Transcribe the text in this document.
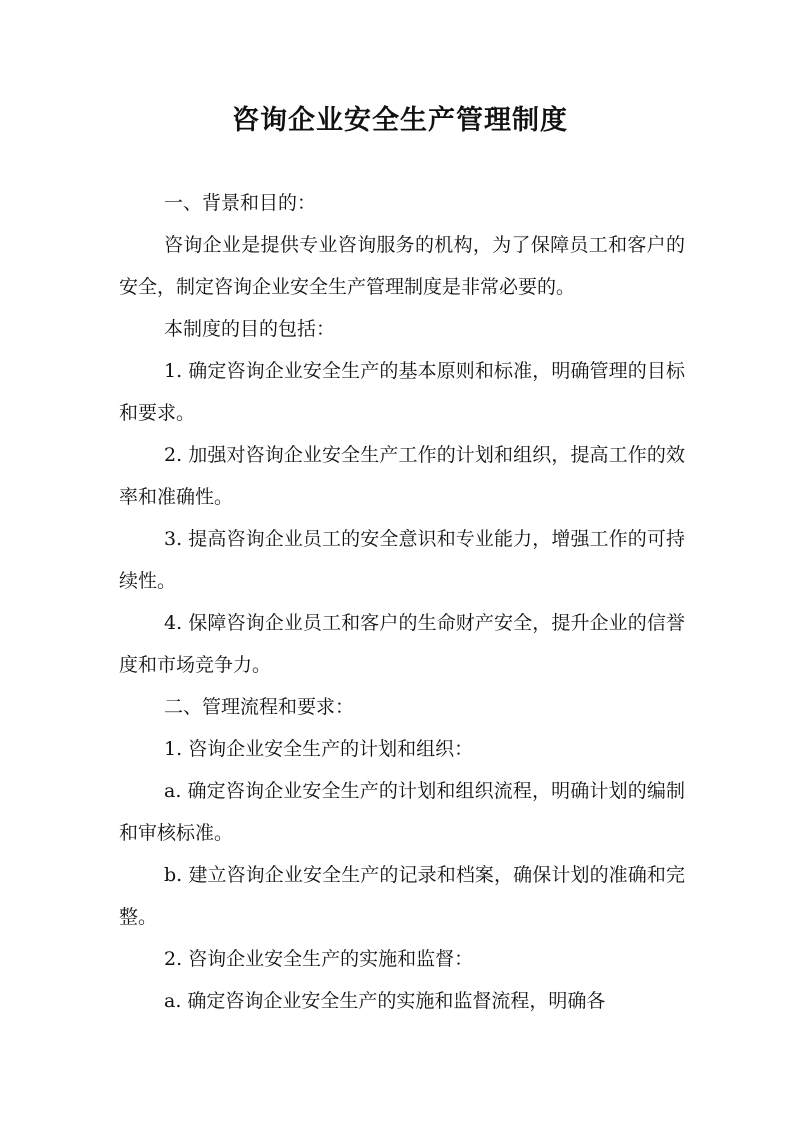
咨询企业安全生产管理制度

一、背景和目的：

咨询企业是提供专业咨询服务的机构，为了保障员工和客户的安全，制定咨询企业安全生产管理制度是非常必要的。

本制度的目的包括：

1. 确定咨询企业安全生产的基本原则和标准，明确管理的目标和要求。

2. 加强对咨询企业安全生产工作的计划和组织，提高工作的效率和准确性。

3. 提高咨询企业员工的安全意识和专业能力，增强工作的可持续性。

4. 保障咨询企业员工和客户的生命财产安全，提升企业的信誉度和市场竞争力。

二、管理流程和要求：

1. 咨询企业安全生产的计划和组织：

a. 确定咨询企业安全生产的计划和组织流程，明确计划的编制和审核标准。

b. 建立咨询企业安全生产的记录和档案，确保计划的准确和完整。

2. 咨询企业安全生产的实施和监督：

a. 确定咨询企业安全生产的实施和监督流程，明确各
